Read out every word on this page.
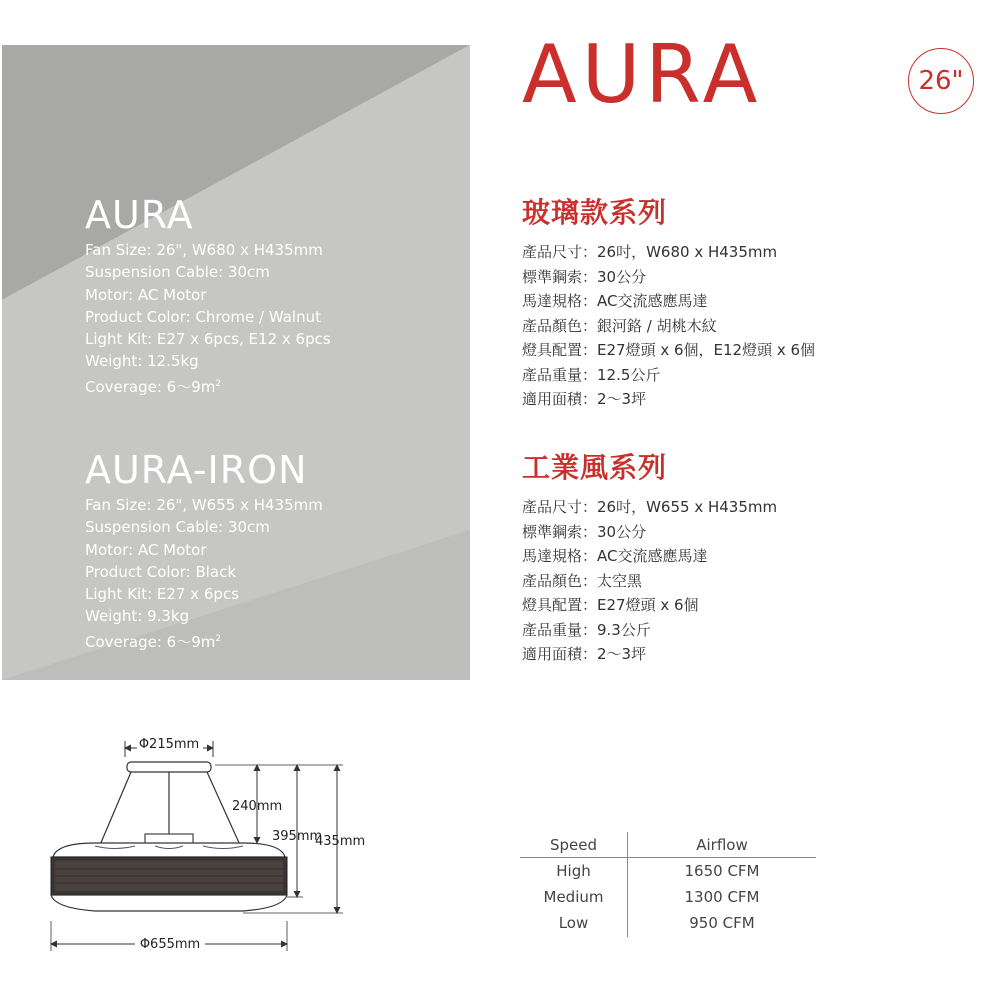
AURA
Fan Size: 26", W680 x H435mm
Suspension Cable: 30cm
Motor: AC Motor
Product Color: Chrome / Walnut
Light Kit: E27 x 6pcs, E12 x 6pcs
Weight: 12.5kg
Coverage: 6〜$9m^2$
AURA-IRON
Fan Size: 26", W655 x H435mm
Suspension Cable: 30cm
Motor: AC Motor
Product Color: Black
Light Kit: E27 x 6pcs
Weight: 9.3kg
Coverage: 6〜$9m^2$
AURA	26"
玻璃款系列
產品尺寸：26吋，W680 x H435mm
標準鋼索：30公分
馬達規格：AC交流感應馬達
產品顏色：銀河鉻 / 胡桃木紋
燈具配置：E27燈頭 x 6個，E12燈頭 x 6個
產品重量：12.5公斤
適用面積：2〜3坪
工業風系列
產品尺寸：26吋，W655 x H435mm
標準鋼索：30公分
馬達規格：AC交流感應馬達
產品顏色：太空黑
燈具配置：E27燈頭 x 6個
產品重量：9.3公斤
適用面積：2〜3坪
Φ215mm
240mm
395mm
435mm
Φ655mm
Speed
High
Medium
Low
Airflow
1650 CFM
1300 CFM
950 CFM
